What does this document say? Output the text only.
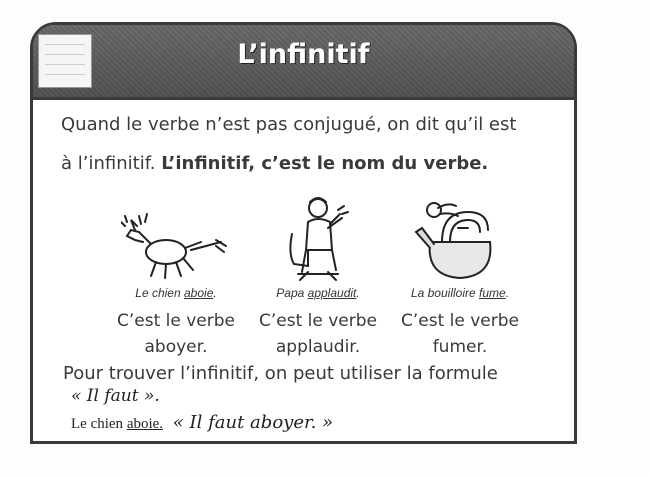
L’infinitif
Quand le verbe n’est pas conjugué, on dit qu’il est
à l’infinitif. L’infinitif, c’est le nom du verbe.
Le chien aboie.
C’est le verbe
aboyer.
Papa applaudit.
C’est le verbe
applaudir.
La bouilloire fume.
C’est le verbe
fumer.
Pour trouver l’infinitif, on peut utiliser la formule
« Il faut ».
Le chien aboie. « Il faut aboyer. »
